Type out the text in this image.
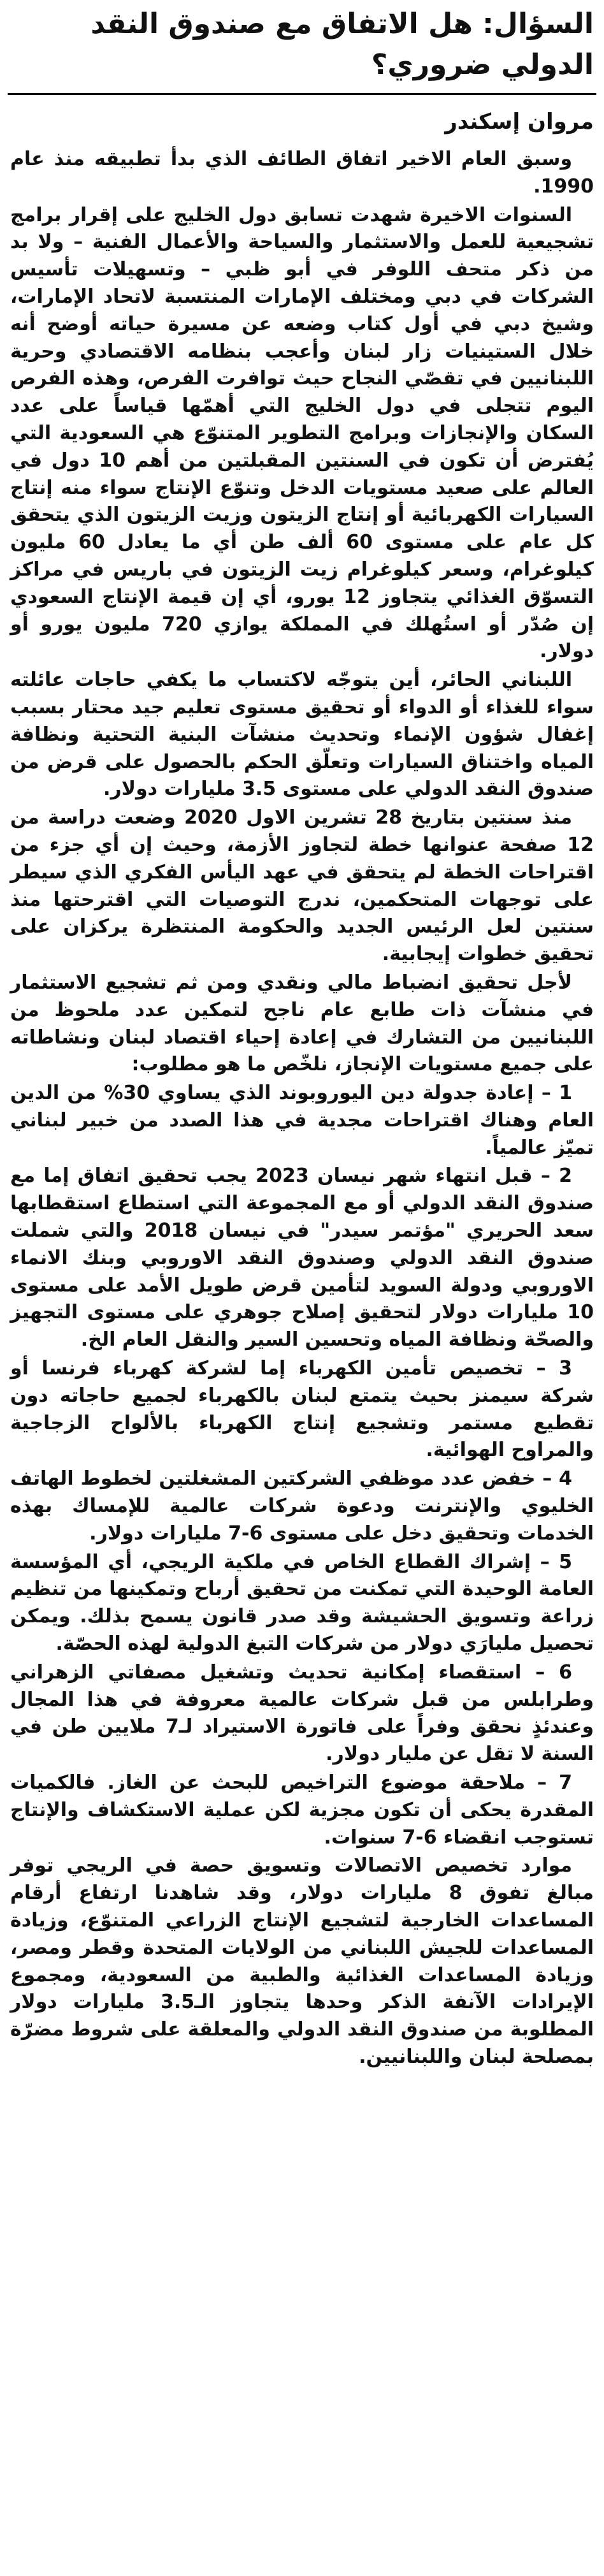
السؤال: هل الاتفاق مع صندوق النقد الدولي ضروري؟
مروان إسكندر

وسبق العام الاخير اتفاق الطائف الذي بدأ تطبيقه منذ عام 1990.

السنوات الاخيرة شهدت تسابق دول الخليج على إقرار برامج تشجيعية للعمل والاستثمار والسياحة والأعمال الفنية – ولا بد من ذكر متحف اللوفر في أبو ظبي – وتسهيلات تأسيس الشركات في دبي ومختلف الإمارات المنتسبة لاتحاد الإمارات، وشيخ دبي في أول كتاب وضعه عن مسيرة حياته أوضح أنه خلال الستينيات زار لبنان وأعجب بنظامه الاقتصادي وحرية اللبنانيين في تقصّي النجاح حيث توافرت الفرص، وهذه الفرص اليوم تتجلى في دول الخليج التي أهمّها قياساً على عدد السكان والإنجازات وبرامج التطوير المتنوّع هي السعودية التي يُفترض أن تكون في السنتين المقبلتين من أهم 10 دول في العالم على صعيد مستويات الدخل وتنوّع الإنتاج سواء منه إنتاج السيارات الكهربائية أو إنتاج الزيتون وزيت الزيتون الذي يتحقق كل عام على مستوى 60 ألف طن أي ما يعادل 60 مليون كيلوغرام، وسعر كيلوغرام زيت الزيتون في باريس في مراكز التسوّق الغذائي يتجاوز 12 يورو، أي إن قيمة الإنتاج السعودي إن صُدّر أو استُهلك في المملكة يوازي 720 مليون يورو أو دولار.

اللبناني الحائر، أين يتوجّه لاكتساب ما يكفي حاجات عائلته سواء للغذاء أو الدواء أو تحقيق مستوى تعليم جيد محتار بسبب إغفال شؤون الإنماء وتحديث منشآت البنية التحتية ونظافة المياه واختناق السيارات وتعلّق الحكم بالحصول على قرض من صندوق النقد الدولي على مستوى 3.5 مليارات دولار.

منذ سنتين بتاريخ 28 تشرين الاول 2020 وضعت دراسة من 12 صفحة عنوانها خطة لتجاوز الأزمة، وحيث إن أي جزء من اقتراحات الخطة لم يتحقق في عهد اليأس الفكري الذي سيطر على توجهات المتحكمين، ندرج التوصيات التي اقترحتها منذ سنتين لعل الرئيس الجديد والحكومة المنتظرة يركزان على تحقيق خطوات إيجابية.

لأجل تحقيق انضباط مالي ونقدي ومن ثم تشجيع الاستثمار في منشآت ذات طابع عام ناجح لتمكين عدد ملحوظ من اللبنانيين من التشارك في إعادة إحياء اقتصاد لبنان ونشاطاته على جميع مستويات الإنجاز، نلخّص ما هو مطلوب:

1 – إعادة جدولة دين اليوروبوند الذي يساوي 30% من الدين العام وهناك اقتراحات مجدية في هذا الصدد من خبير لبناني تميّز عالمياً.

2 – قبل انتهاء شهر نيسان 2023 يجب تحقيق اتفاق إما مع صندوق النقد الدولي أو مع المجموعة التي استطاع استقطابها سعد الحريري "مؤتمر سيدر" في نيسان 2018 والتي شملت صندوق النقد الدولي وصندوق النقد الاوروبي وبنك الانماء الاوروبي ودولة السويد لتأمين قرض طويل الأمد على مستوى 10 مليارات دولار لتحقيق إصلاح جوهري على مستوى التجهيز والصحّة ونظافة المياه وتحسين السير والنقل العام الخ.

3 – تخصيص تأمين الكهرباء إما لشركة كهرباء فرنسا أو شركة سيمنز بحيث يتمتع لبنان بالكهرباء لجميع حاجاته دون تقطيع مستمر وتشجيع إنتاج الكهرباء بالألواح الزجاجية والمراوح الهوائية.

4 – خفض عدد موظفي الشركتين المشغلتين لخطوط الهاتف الخليوي والإنترنت ودعوة شركات عالمية للإمساك بهذه الخدمات وتحقيق دخل على مستوى 6-7 مليارات دولار.

5 – إشراك القطاع الخاص في ملكية الريجي، أي المؤسسة العامة الوحيدة التي تمكنت من تحقيق أرباح وتمكينها من تنظيم زراعة وتسويق الحشيشة وقد صدر قانون يسمح بذلك. ويمكن تحصيل مليارَي دولار من شركات التبغ الدولية لهذه الحصّة.

6 – استقصاء إمكانية تحديث وتشغيل مصفاتي الزهراني وطرابلس من قبل شركات عالمية معروفة في هذا المجال وعندئذٍ نحقق وفراً على فاتورة الاستيراد لـ7 ملايين طن في السنة لا تقل عن مليار دولار.

7 – ملاحقة موضوع التراخيص للبحث عن الغاز. فالكميات المقدرة يحكى أن تكون مجزية لكن عملية الاستكشاف والإنتاج تستوجب انقضاء 6-7 سنوات.

موارد تخصيص الاتصالات وتسويق حصة في الريجي توفر مبالغ تفوق 8 مليارات دولار، وقد شاهدنا ارتفاع أرقام المساعدات الخارجية لتشجيع الإنتاج الزراعي المتنوّع، وزيادة المساعدات للجيش اللبناني من الولايات المتحدة وقطر ومصر، وزيادة المساعدات الغذائية والطبية من السعودية، ومجموع الإيرادات الآنفة الذكر وحدها يتجاوز الـ3.5 مليارات دولار المطلوبة من صندوق النقد الدولي والمعلقة على شروط مضرّة بمصلحة لبنان واللبنانيين.
